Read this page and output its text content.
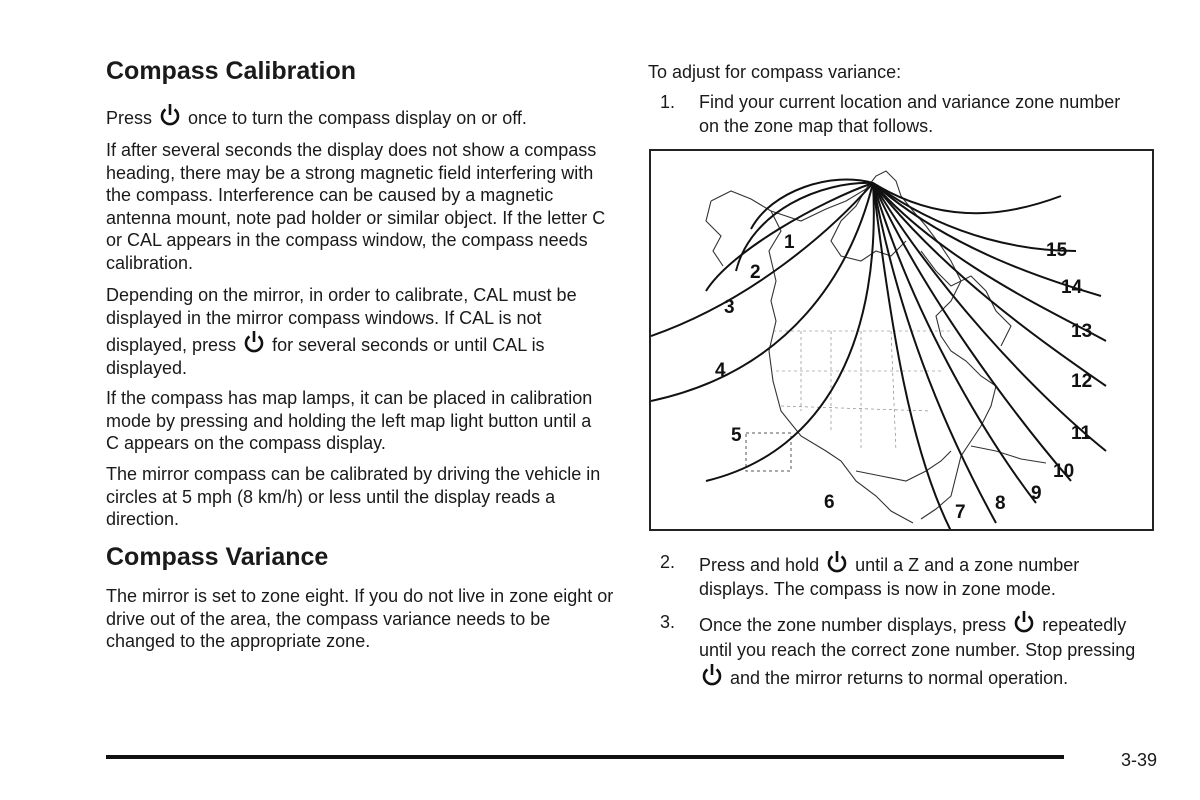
Compass Calibration

Press once to turn the compass display on or off.

If after several seconds the display does not show a compass heading, there may be a strong magnetic field interfering with the compass. Interference can be caused by a magnetic antenna mount, note pad holder or similar object. If the letter C or CAL appears in the compass window, the compass needs calibration.

Depending on the mirror, in order to calibrate, CAL must be displayed in the mirror compass windows. If CAL is not displayed, press for several seconds or until CAL is displayed.

If the compass has map lamps, it can be placed in calibration mode by pressing and holding the left map light button until a C appears on the compass display.

The mirror compass can be calibrated by driving the vehicle in circles at 5 mph (8 km/h) or less until the display reads a direction.

Compass Variance

The mirror is set to zone eight. If you do not live in zone eight or drive out of the area, the compass variance needs to be changed to the appropriate zone.

To adjust for compass variance:

1.	Find your current location and variance zone number on the zone map that follows.
1
2
3
4
5
6	7 8 9
10
11
12
13
14
15
2.	Press and hold until a Z and a zone number displays. The compass is now in zone mode.
3.	Once the zone number displays, press repeatedly until you reach the correct zone number. Stop pressing
and the mirror returns to normal operation.
3-39
